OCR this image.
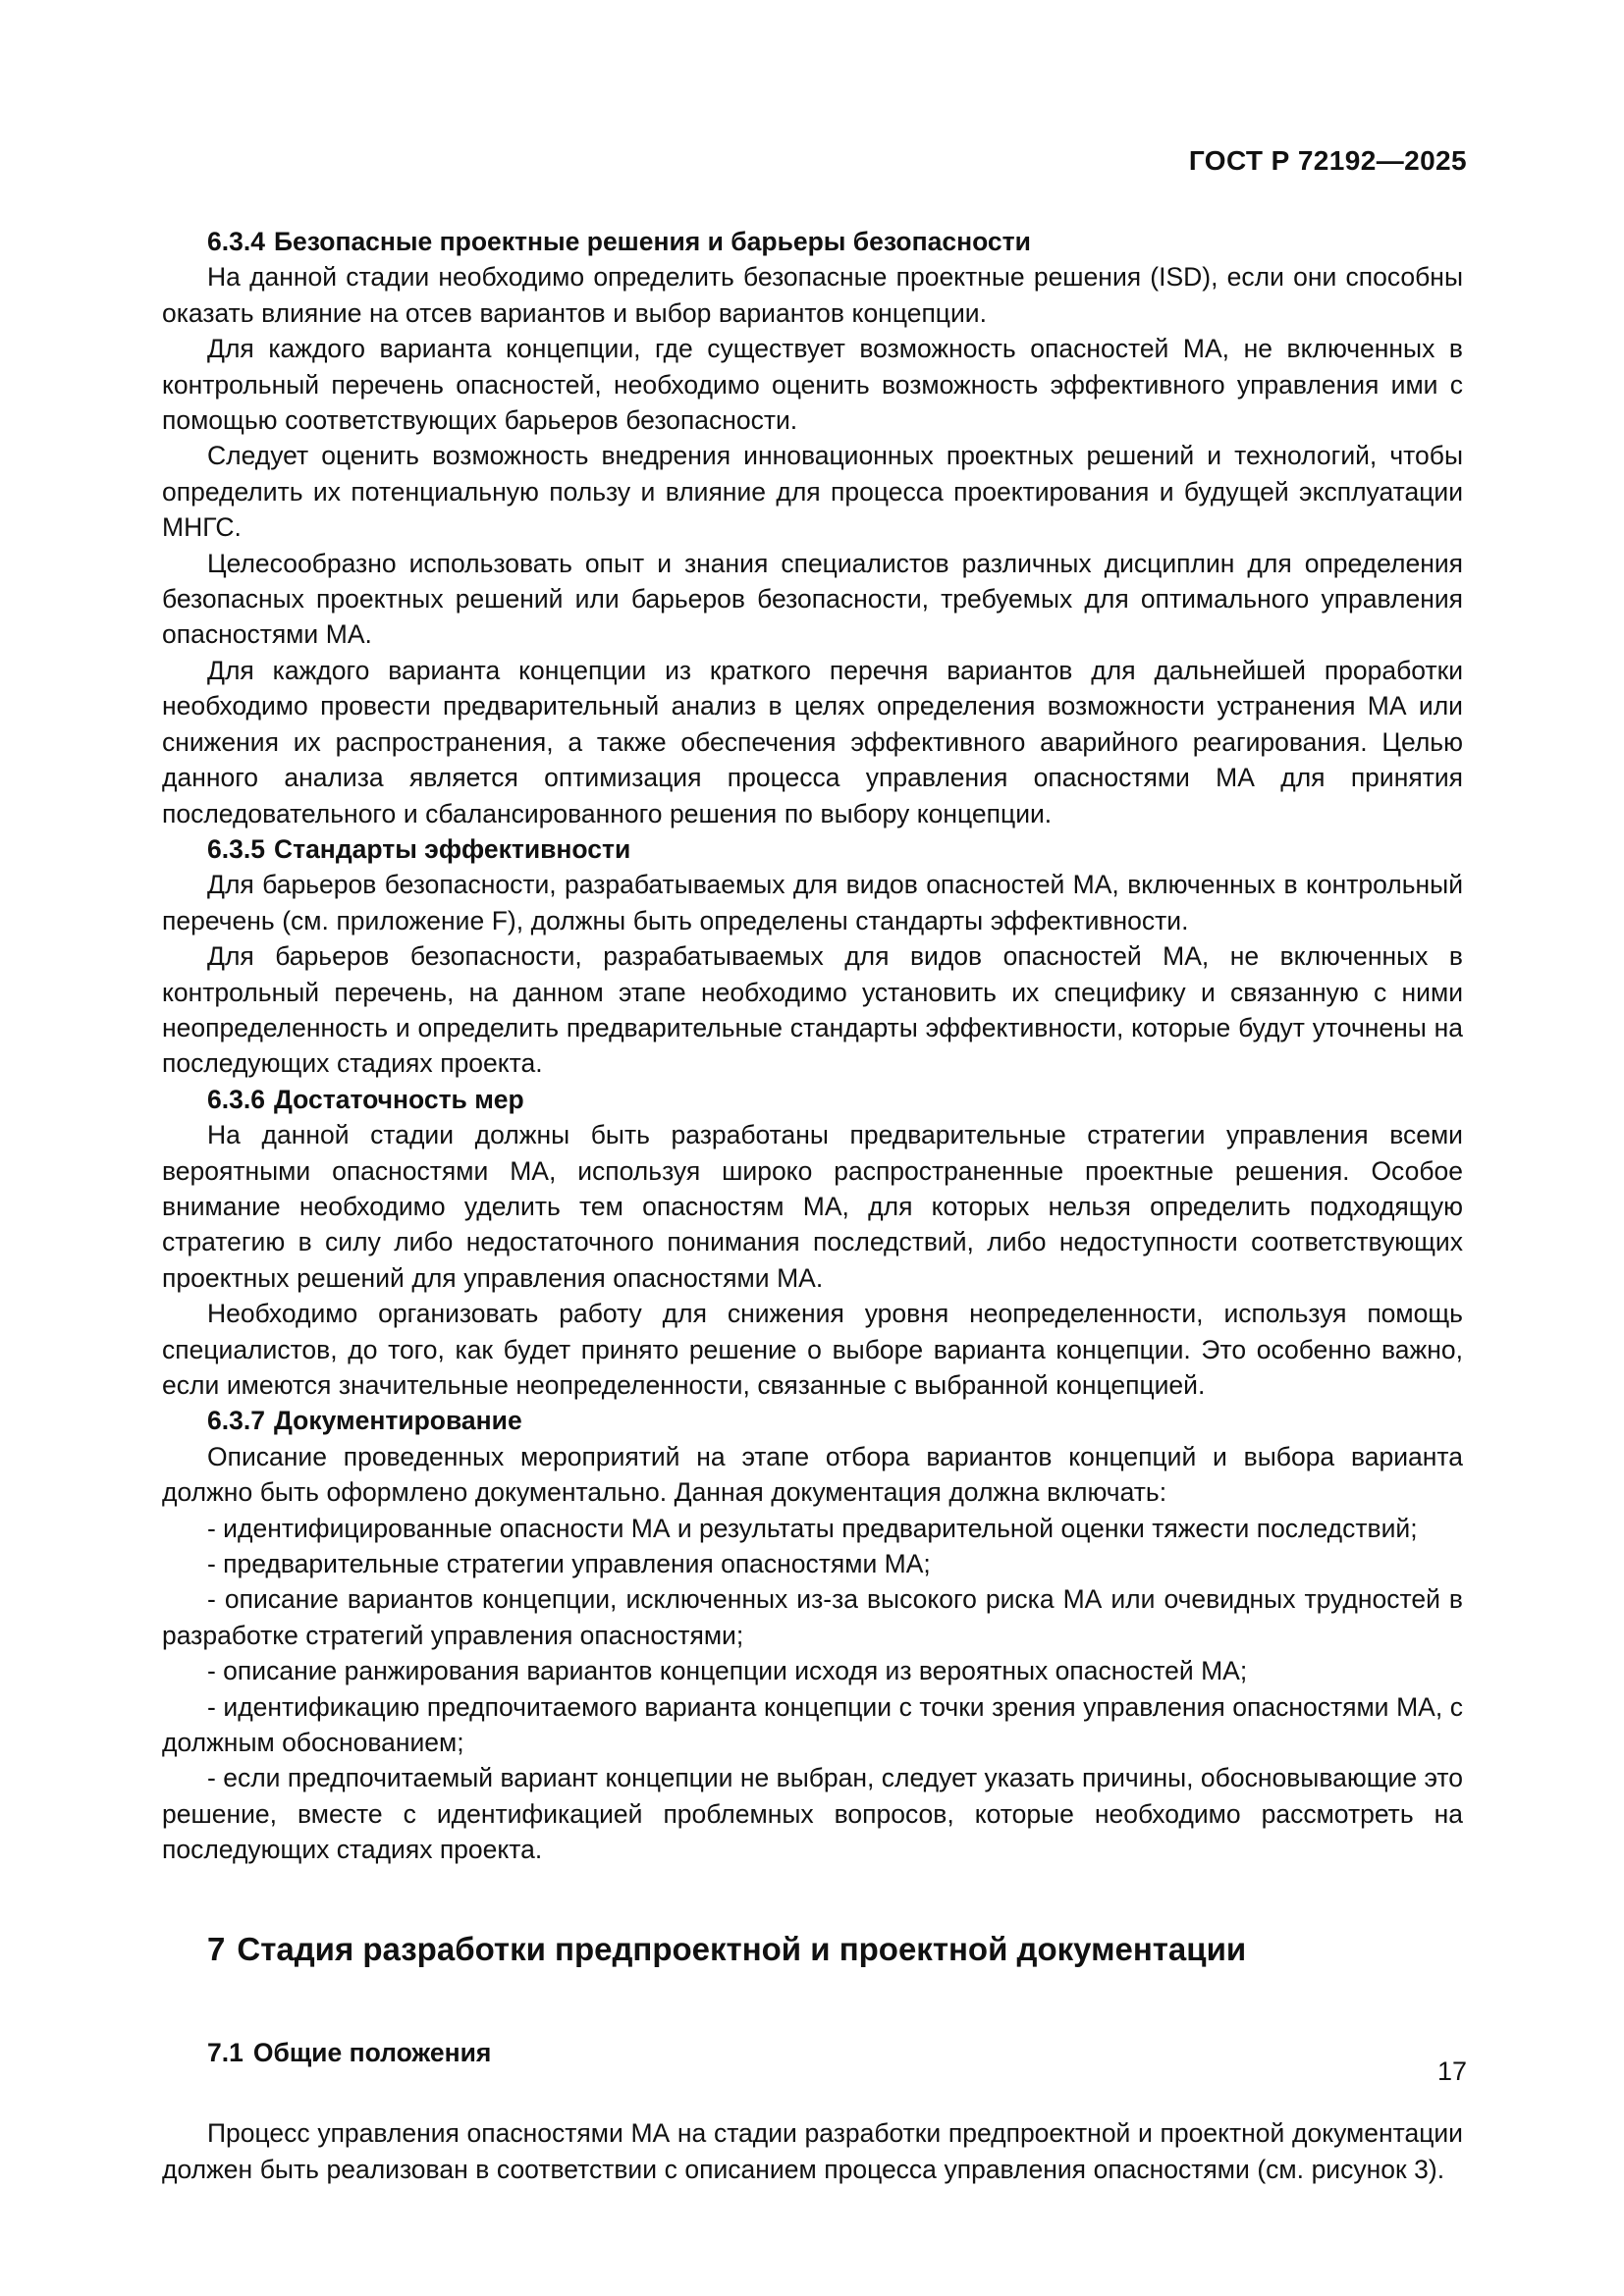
ГОСТ Р 72192—2025
6.3.4 Безопасные проектные решения и барьеры безопасности

На данной стадии необходимо определить безопасные проектные решения (ISD), если они способны оказать влияние на отсев вариантов и выбор вариантов концепции.

Для каждого варианта концепции, где существует возможность опасностей МА, не включенных в контрольный перечень опасностей, необходимо оценить возможность эффективного управления ими с помощью соответствующих барьеров безопасности.

Следует оценить возможность внедрения инновационных проектных решений и технологий, чтобы определить их потенциальную пользу и влияние для процесса проектирования и будущей эксплуатации МНГС.

Целесообразно использовать опыт и знания специалистов различных дисциплин для определения безопасных проектных решений или барьеров безопасности, требуемых для оптимального управления опасностями МА.

Для каждого варианта концепции из краткого перечня вариантов для дальнейшей проработки необходимо провести предварительный анализ в целях определения возможности устранения МА или снижения их распространения, а также обеспечения эффективного аварийного реагирования. Целью данного анализа является оптимизация процесса управления опасностями МА для принятия последовательного и сбалансированного решения по выбору концепции.

6.3.5 Стандарты эффективности

Для барьеров безопасности, разрабатываемых для видов опасностей МА, включенных в контрольный перечень (см. приложение F), должны быть определены стандарты эффективности.

Для барьеров безопасности, разрабатываемых для видов опасностей МА, не включенных в контрольный перечень, на данном этапе необходимо установить их специфику и связанную с ними неопределенность и определить предварительные стандарты эффективности, которые будут уточнены на последующих стадиях проекта.

6.3.6 Достаточность мер

На данной стадии должны быть разработаны предварительные стратегии управления всеми вероятными опасностями МА, используя широко распространенные проектные решения. Особое внимание необходимо уделить тем опасностям МА, для которых нельзя определить подходящую стратегию в силу либо недостаточного понимания последствий, либо недоступности соответствующих проектных решений для управления опасностями МА.

Необходимо организовать работу для снижения уровня неопределенности, используя помощь специалистов, до того, как будет принято решение о выборе варианта концепции. Это особенно важно, если имеются значительные неопределенности, связанные с выбранной концепцией.

6.3.7 Документирование

Описание проведенных мероприятий на этапе отбора вариантов концепций и выбора варианта должно быть оформлено документально. Данная документация должна включать:

- идентифицированные опасности МА и результаты предварительной оценки тяжести последствий;

- предварительные стратегии управления опасностями МА;

- описание вариантов концепции, исключенных из-за высокого риска МА или очевидных трудностей в разработке стратегий управления опасностями;

- описание ранжирования вариантов концепции исходя из вероятных опасностей МА;

- идентификацию предпочитаемого варианта концепции с точки зрения управления опасностями МА, с должным обоснованием;

- если предпочитаемый вариант концепции не выбран, следует указать причины, обосновывающие это решение, вместе с идентификацией проблемных вопросов, которые необходимо рассмотреть на последующих стадиях проекта.

7 Стадия разработки предпроектной и проектной документации
7.1 Общие положения

Процесс управления опасностями МА на стадии разработки предпроектной и проектной документации должен быть реализован в соответствии с описанием процесса управления опасностями (см. рисунок 3).

17
